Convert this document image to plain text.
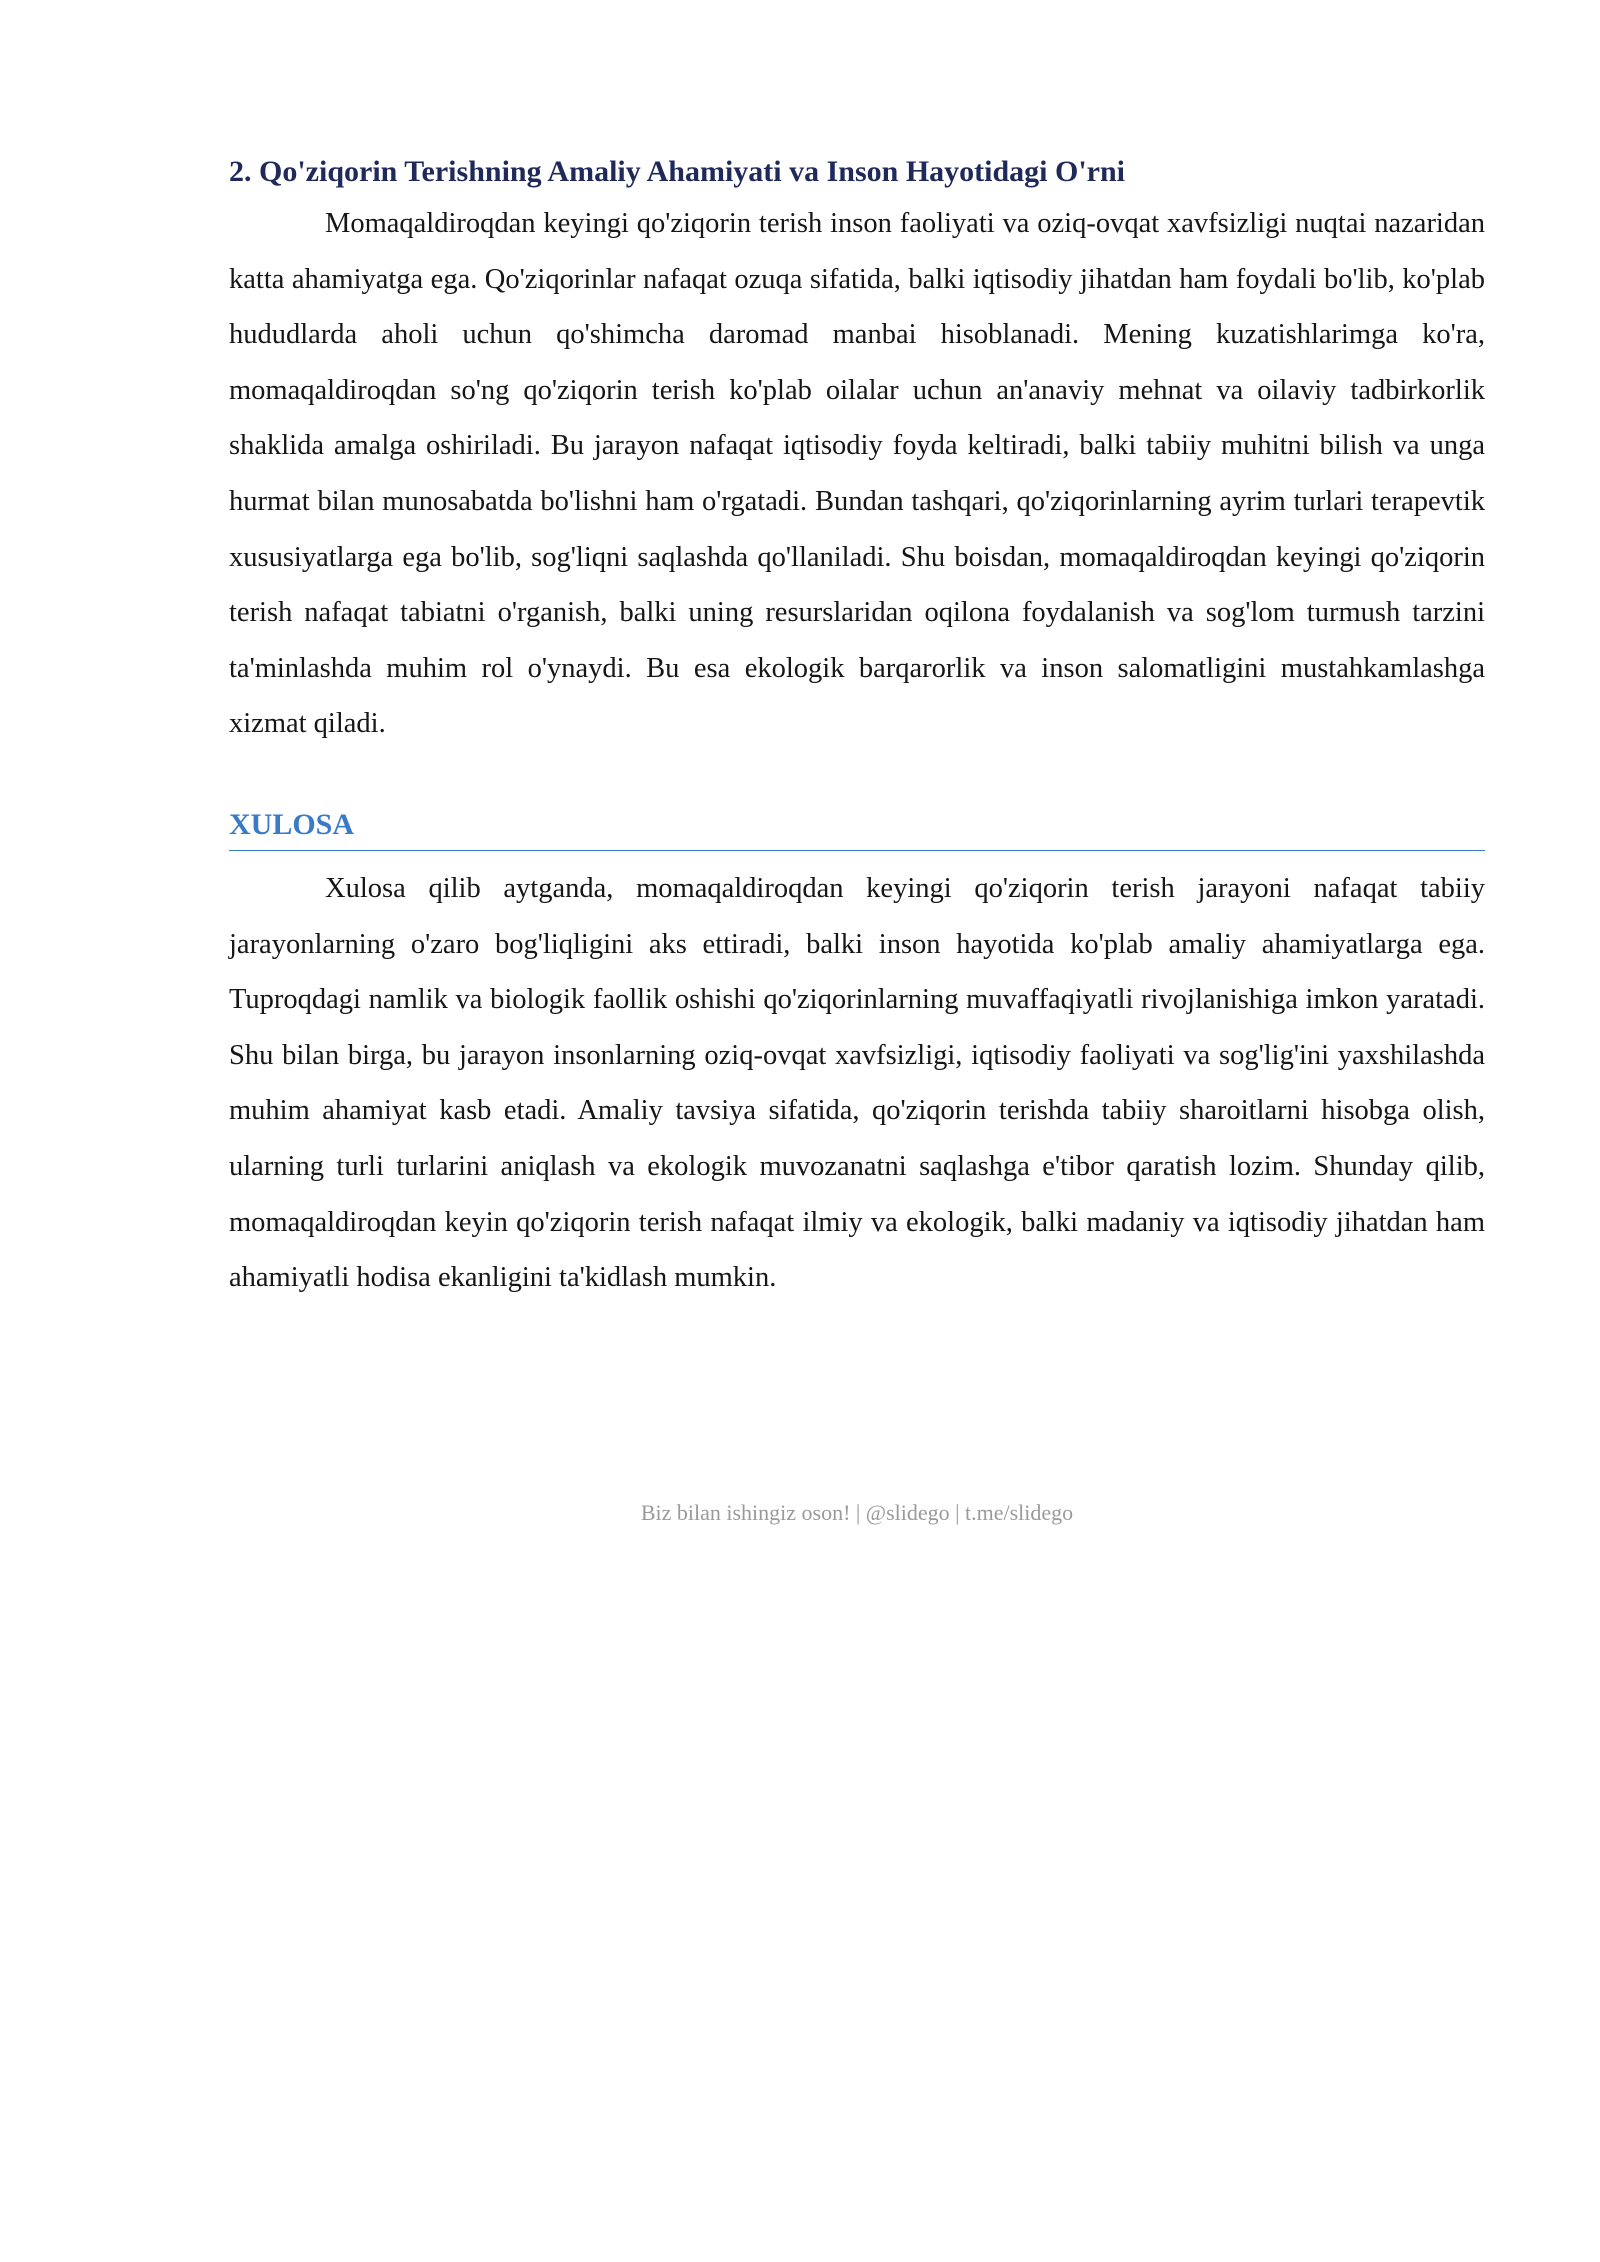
2. Qo'ziqorin Terishning Amaliy Ahamiyati va Inson Hayotidagi O'rni

Momaqaldiroqdan keyingi qo'ziqorin terish inson faoliyati va oziq-ovqat xavfsizligi nuqtai nazaridan katta ahamiyatga ega. Qo'ziqorinlar nafaqat ozuqa sifatida, balki iqtisodiy jihatdan ham foydali bo'lib, ko'plab hududlarda aholi uchun qo'shimcha daromad manbai hisoblanadi. Mening kuzatishlarimga ko'ra, momaqaldiroqdan so'ng qo'ziqorin terish ko'plab oilalar uchun an'anaviy mehnat va oilaviy tadbirkorlik shaklida amalga oshiriladi. Bu jarayon nafaqat iqtisodiy foyda keltiradi, balki tabiiy muhitni bilish va unga hurmat bilan munosabatda bo'lishni ham o'rgatadi. Bundan tashqari, qo'ziqorinlarning ayrim turlari terapevtik xususiyatlarga ega bo'lib, sog'liqni saqlashda qo'llaniladi. Shu boisdan, momaqaldiroqdan keyingi qo'ziqorin terish nafaqat tabiatni o'rganish, balki uning resurslaridan oqilona foydalanish va sog'lom turmush tarzini ta'minlashda muhim rol o'ynaydi. Bu esa ekologik barqarorlik va inson salomatligini mustahkamlashga xizmat qiladi.

XULOSA

Xulosa qilib aytganda, momaqaldiroqdan keyingi qo'ziqorin terish jarayoni nafaqat tabiiy jarayonlarning o'zaro bog'liqligini aks ettiradi, balki inson hayotida ko'plab amaliy ahamiyatlarga ega. Tuproqdagi namlik va biologik faollik oshishi qo'ziqorinlarning muvaffaqiyatli rivojlanishiga imkon yaratadi. Shu bilan birga, bu jarayon insonlarning oziq-ovqat xavfsizligi, iqtisodiy faoliyati va sog'lig'ini yaxshilashda muhim ahamiyat kasb etadi. Amaliy tavsiya sifatida, qo'ziqorin terishda tabiiy sharoitlarni hisobga olish, ularning turli turlarini aniqlash va ekologik muvozanatni saqlashga e'tibor qaratish lozim. Shunday qilib, momaqaldiroqdan keyin qo'ziqorin terish nafaqat ilmiy va ekologik, balki madaniy va iqtisodiy jihatdan ham ahamiyatli hodisa ekanligini ta'kidlash mumkin.

Biz bilan ishingiz oson! | @slidego | t.me/slidego
